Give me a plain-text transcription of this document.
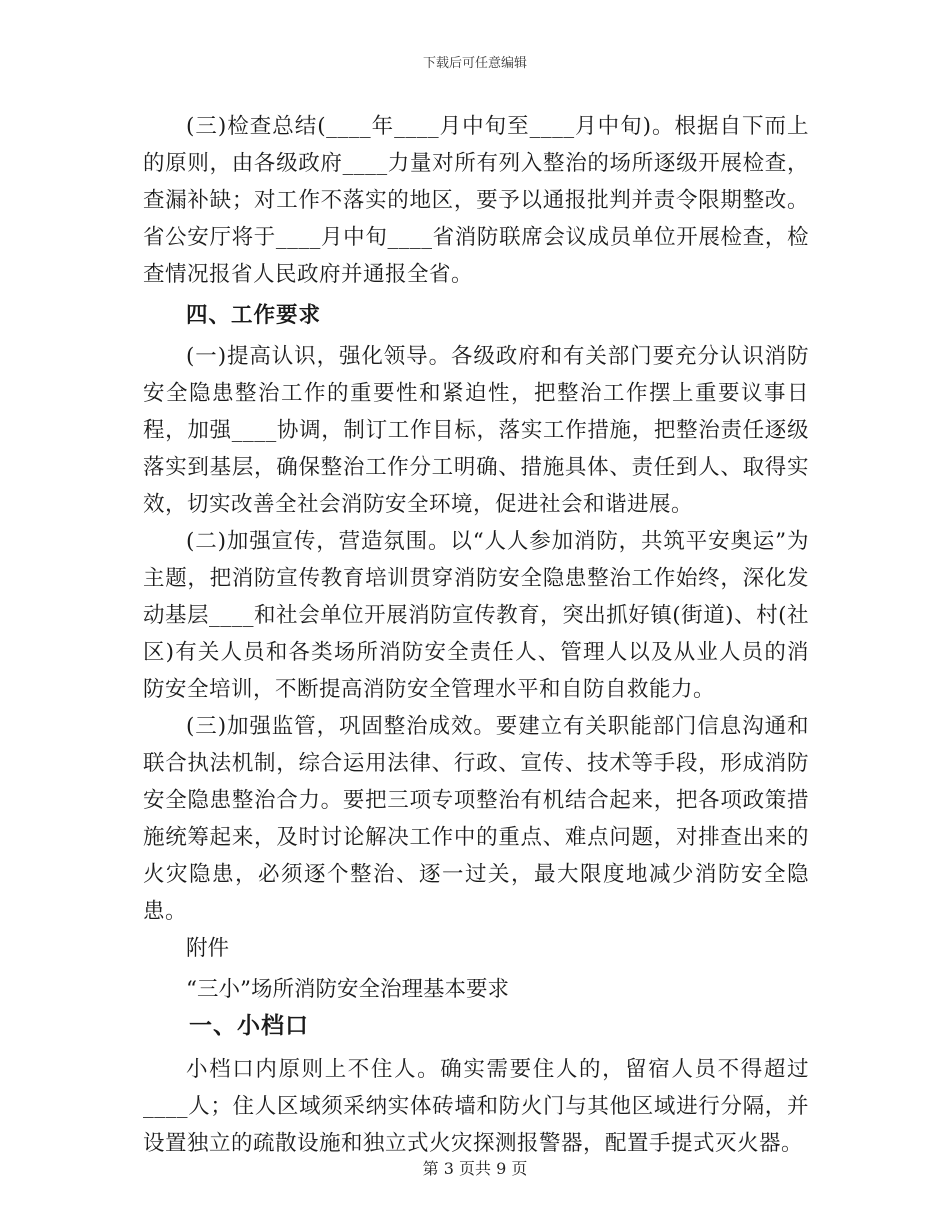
下载后可任意编辑

(三)检查总结(____年____月中旬至____月中旬)。根据自下而上的原则，由各级政府____力量对所有列入整治的场所逐级开展检查，查漏补缺；对工作不落实的地区，要予以通报批判并责令限期整改。省公安厅将于____月中旬____省消防联席会议成员单位开展检查，检查情况报省人民政府并通报全省。

四、工作要求

(一)提高认识，强化领导。各级政府和有关部门要充分认识消防安全隐患整治工作的重要性和紧迫性，把整治工作摆上重要议事日程，加强____协调，制订工作目标，落实工作措施，把整治责任逐级落实到基层，确保整治工作分工明确、措施具体、责任到人、取得实效，切实改善全社会消防安全环境，促进社会和谐进展。

(二)加强宣传，营造氛围。以“人人参加消防，共筑平安奥运”为主题，把消防宣传教育培训贯穿消防安全隐患整治工作始终，深化发动基层____和社会单位开展消防宣传教育，突出抓好镇(街道)、村(社区)有关人员和各类场所消防安全责任人、管理人以及从业人员的消防安全培训，不断提高消防安全管理水平和自防自救能力。

(三)加强监管，巩固整治成效。要建立有关职能部门信息沟通和联合执法机制，综合运用法律、行政、宣传、技术等手段，形成消防安全隐患整治合力。要把三项专项整治有机结合起来，把各项政策措施统筹起来，及时讨论解决工作中的重点、难点问题，对排查出来的火灾隐患，必须逐个整治、逐一过关，最大限度地减少消防安全隐患。

附件

“三小”场所消防安全治理基本要求

一、小档口

小档口内原则上不住人。确实需要住人的，留宿人员不得超过____人；住人区域须采纳实体砖墙和防火门与其他区域进行分隔，并设置独立的疏散设施和独立式火灾探测报警器，配置手提式灭火器。

第 3 页共 9 页
